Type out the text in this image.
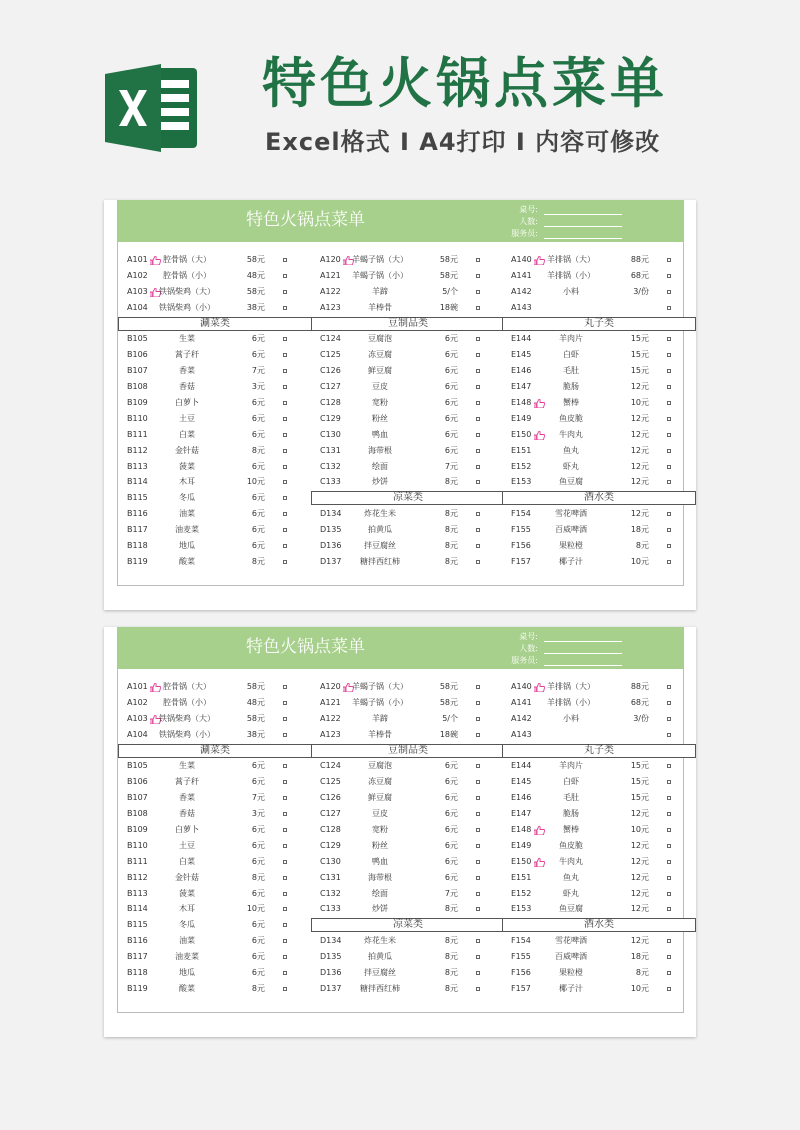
特色火锅点菜单
Excel格式 I A4打印 I 内容可修改
特色火锅点菜单
桌号:
人数:
服务员:
A101	腔骨锅（大）	58元
A102	腔骨锅（小）	48元
A103	铁锅柴鸡（大）	58元
A104	铁锅柴鸡（小）	38元
涮菜类
B105	生菜	6元
B106	蒿子秆	6元
B107	香菜	7元
B108	香菇	3元
B109	白萝卜	6元
B110	土豆	6元
B111	白菜	6元
B112	金针菇	8元
B113	菠菜	6元
B114	木耳	10元
B115	冬瓜	6元
B116	油菜	6元
B117	油麦菜	6元
B118	地瓜	6元
B119	酸菜	8元
A120	羊蝎子锅（大）	58元
A121	羊蝎子锅（小）	58元
A122	羊蹄	5/个
A123	羊棒骨	18碗
豆制品类
C124	豆腐泡	6元
C125	冻豆腐	6元
C126	鲜豆腐	6元
C127	豆皮	6元
C128	宽粉	6元
C129	粉丝	6元
C130	鸭血	6元
C131	海带根	6元
C132	绘面	7元
C133	炒饼	8元
凉菜类
D134	炸花生米	8元
D135	拍黄瓜	8元
D136	拌豆腐丝	8元
D137	糖拌西红柿	8元
A140	羊排锅（大）	88元
A141	羊排锅（小）	68元
A142	小料	3/份
A143
丸子类
E144	羊肉片	15元
E145	白虾	15元
E146	毛肚	15元
E147	脆肠	12元
E148	蟹棒	10元
E149	鱼皮脆	12元
E150	牛肉丸	12元
E151	鱼丸	12元
E152	虾丸	12元
E153	鱼豆腐	12元
酒水类
F154	雪花啤酒	12元
F155	百威啤酒	18元
F156	果粒橙	8元
F157	椰子汁	10元
特色火锅点菜单
桌号:
人数:
服务员:
A101	腔骨锅（大）	58元
A102	腔骨锅（小）	48元
A103	铁锅柴鸡（大）	58元
A104	铁锅柴鸡（小）	38元
涮菜类
B105	生菜	6元
B106	蒿子秆	6元
B107	香菜	7元
B108	香菇	3元
B109	白萝卜	6元
B110	土豆	6元
B111	白菜	6元
B112	金针菇	8元
B113	菠菜	6元
B114	木耳	10元
B115	冬瓜	6元
B116	油菜	6元
B117	油麦菜	6元
B118	地瓜	6元
B119	酸菜	8元
A120	羊蝎子锅（大）	58元
A121	羊蝎子锅（小）	58元
A122	羊蹄	5/个
A123	羊棒骨	18碗
豆制品类
C124	豆腐泡	6元
C125	冻豆腐	6元
C126	鲜豆腐	6元
C127	豆皮	6元
C128	宽粉	6元
C129	粉丝	6元
C130	鸭血	6元
C131	海带根	6元
C132	绘面	7元
C133	炒饼	8元
凉菜类
D134	炸花生米	8元
D135	拍黄瓜	8元
D136	拌豆腐丝	8元
D137	糖拌西红柿	8元
A140	羊排锅（大）	88元
A141	羊排锅（小）	68元
A142	小料	3/份
A143
丸子类
E144	羊肉片	15元
E145	白虾	15元
E146	毛肚	15元
E147	脆肠	12元
E148	蟹棒	10元
E149	鱼皮脆	12元
E150	牛肉丸	12元
E151	鱼丸	12元
E152	虾丸	12元
E153	鱼豆腐	12元
酒水类
F154	雪花啤酒	12元
F155	百威啤酒	18元
F156	果粒橙	8元
F157	椰子汁	10元
